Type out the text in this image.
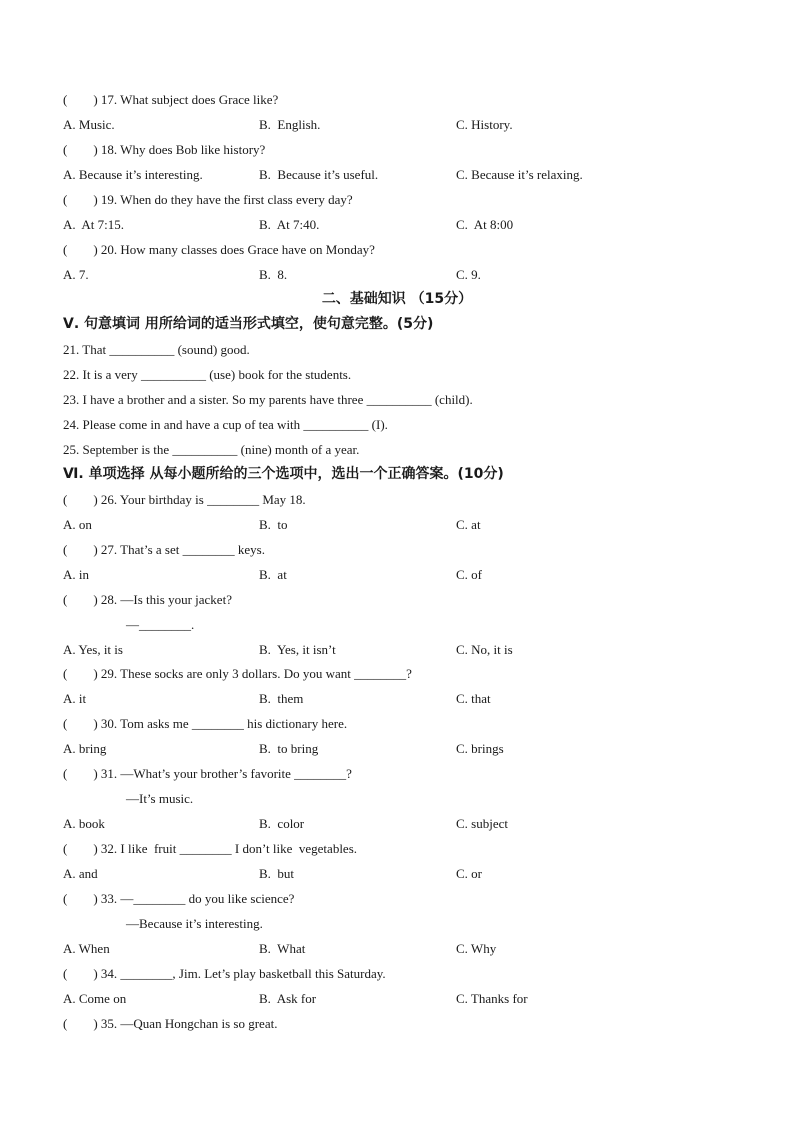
(        ) 17. What subject does Grace like?

A. Music.

	B.  English.

	C. History.

(        ) 18. Why does Bob like history?

A. Because it’s interesting.

	B.  Because it’s useful.

	C. Because it’s relaxing.

(        ) 19. When do they have the first class every day?

A.  At 7:15.

	B.  At 7:40.

	C.  At 8:00

(        ) 20. How many classes does Grace have on Monday?

A. 7.

	B.  8.

	C. 9.

二、基础知识 （15分）
Ⅴ. 句意填词 用所给词的适当形式填空，使句意完整。(5分)
21. That __________ (sound) good.
22. It is a very __________ (use) book for the students.
23. I have a brother and a sister. So my parents have three __________ (child).
24. Please come in and have a cup of tea with __________ (I).
25. September is the __________ (nine) month of a year.
Ⅵ. 单项选择 从每小题所给的三个选项中，选出一个正确答案。(10分)
(        ) 26. Your birthday is ________ May 18.

A. on

	B.  to

	C. at

(        ) 27. That’s a set ________ keys.

A. in

	B.  at

	C. of

(        ) 28. —Is this your jacket?
—________.

A. Yes, it is

	B.  Yes, it isn’t

	C. No, it is

(        ) 29. These socks are only 3 dollars. Do you want ________?

A. it

	B.  them

	C. that

(        ) 30. Tom asks me ________ his dictionary here.

A. bring

	B.  to bring

	C. brings

(        ) 31. —What’s your brother’s favorite ________?
—It’s music.

A. book

	B.  color

	C. subject

(        ) 32. I like  fruit ________ I don’t like  vegetables.

A. and

	B.  but

	C. or

(        ) 33. —________ do you like science?
—Because it’s interesting.

A. When

	B.  What

	C. Why

(        ) 34. ________, Jim. Let’s play basketball this Saturday.

A. Come on

	B.  Ask for

	C. Thanks for

(        ) 35. —Quan Hongchan is so great.
